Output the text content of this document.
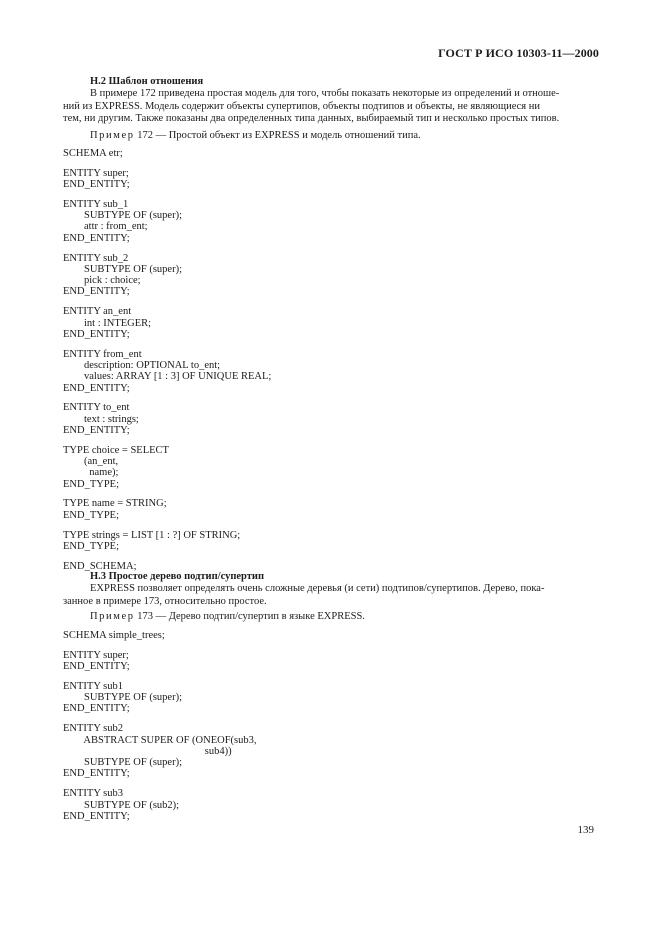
ГОСТ Р ИСО 10303-11—2000
Н.2 Шаблон отношения
В примере 172 приведена простая модель для того, чтобы показать некоторые из определений и отноше-
ний из EXPRESS. Модель содержит объекты супертипов, объекты подтипов и объекты, не являющиеся ни
тем, ни другим. Также показаны два определенных типа данных, выбираемый тип и несколько простых типов.
Пример 172 — Простой объект из EXPRESS и модель отношений типа.
SCHEMA etr;
ENTITY super;
END_ENTITY;
ENTITY sub_1
SUBTYPE OF (super);
attr : from_ent;
END_ENTITY;
ENTITY sub_2
SUBTYPE OF (super);
pick : choice;
END_ENTITY;
ENTITY an_ent
int : INTEGER;
END_ENTITY;
ENTITY from_ent
description: OPTIONAL to_ent;
values: ARRAY [1 : 3] OF UNIQUE REAL;
END_ENTITY;
ENTITY to_ent
text : strings;
END_ENTITY;
TYPE choice = SELECT
(an_ent,
name);
END_TYPE;
TYPE name = STRING;
END_TYPE;
TYPE strings = LIST [1 : ?] OF STRING;
END_TYPE;
END_SCHEMA;
Н.3 Простое дерево подтип/супертип
EXPRESS позволяет определять очень сложные деревья (и сети) подтипов/супертипов. Дерево, пока-
занное в примере 173, относительно простое.
Пример 173 — Дерево подтип/супертип в языке EXPRESS.
SCHEMA simple_trees;
ENTITY super;
END_ENTITY;
ENTITY sub1
SUBTYPE OF (super);
END_ENTITY;
ENTITY sub2
ABSTRACT SUPER OF (ONEOF(sub3,
sub4))
SUBTYPE OF (super);
END_ENTITY;
ENTITY sub3
SUBTYPE OF (sub2);
END_ENTITY;
139
